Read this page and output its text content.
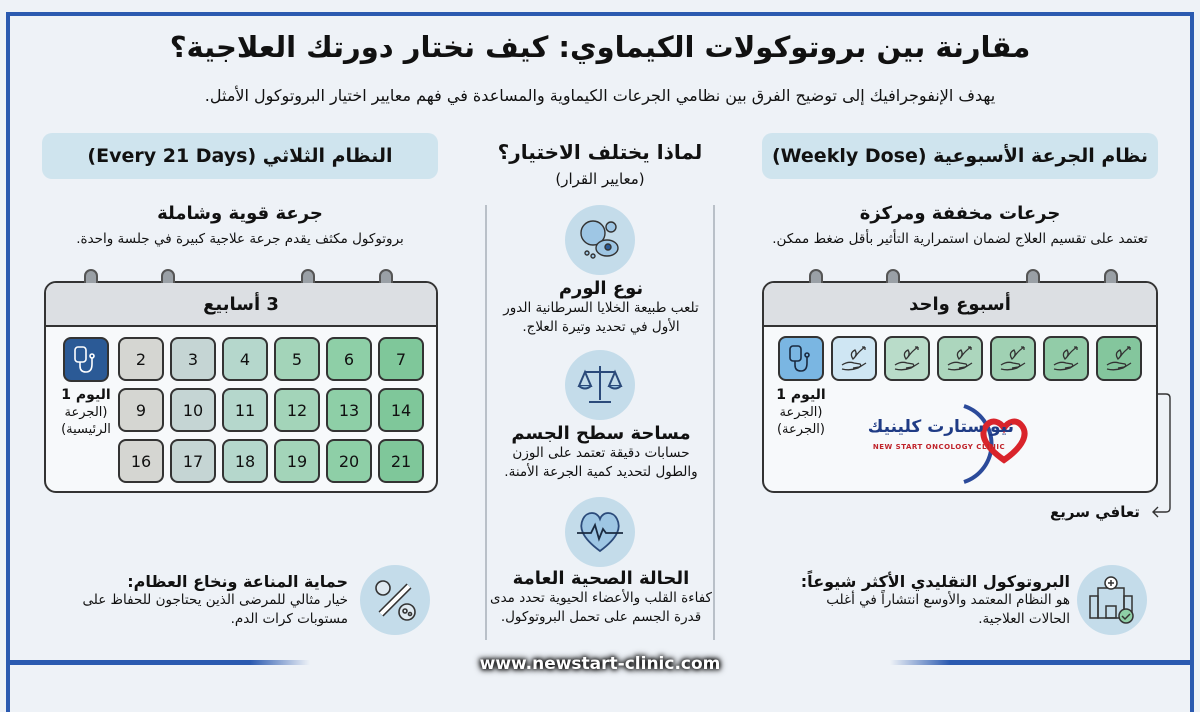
مقارنة بين بروتوكولات الكيماوي: كيف نختار دورتك العلاجية؟
يهدف الإنفوجرافيك إلى توضيح الفرق بين نظامي الجرعات الكيماوية والمساعدة في فهم معايير اختيار البروتوكول الأمثل.
النظام الثلاثي (Every 21 Days)
جرعة قوية وشاملة
بروتوكول مكثف يقدم جرعة علاجية كبيرة في جلسة واحدة.
3 أسابيع
اليوم 1
(الجرعة الرئيسية)
2	3	4	5	6	7
9	10	11	12	13	14
16	17	18	19	20	21
حماية المناعة ونخاع العظام:
خيار مثالي للمرضى الذين يحتاجون للحفاظ على مستوبات كرات الدم.
لماذا يختلف الاختيار؟
(معايير القرار)
نوع الورم
تلعب طبيعة الخلايا السرطانية الدور الأول في تحديد وتيرة العلاج.
مساحة سطح الجسم
حسابات دقيقة تعتمد على الوزن والطول لتحديد كمية الجرعة الأمنة.
الحالة الصحية العامة
كفاءة القلب والأعضاء الحيوية تحدد مدى قدرة الجسم على تحمل البروتوكول.
نظام الجرعة الأسبوعية (Weekly Dose)
جرعات مخففة ومركزة
تعتمد على تقسيم العلاج لضمان استمرارية التأثير بأقل ضغط ممكن.
أسبوع واحد
اليوم 1
(الجرعة
(الجرعة)	نيو ستارت كلينيك
NEW START ONCOLOGY CLINIC
تعافي سريع
البروتوكول التقليدي الأكثر شيوعاً:
هو النظام المعتمد والأوسع انتشاراً في أغلب الحالات العلاجية.
www.newstart-clinic.com
